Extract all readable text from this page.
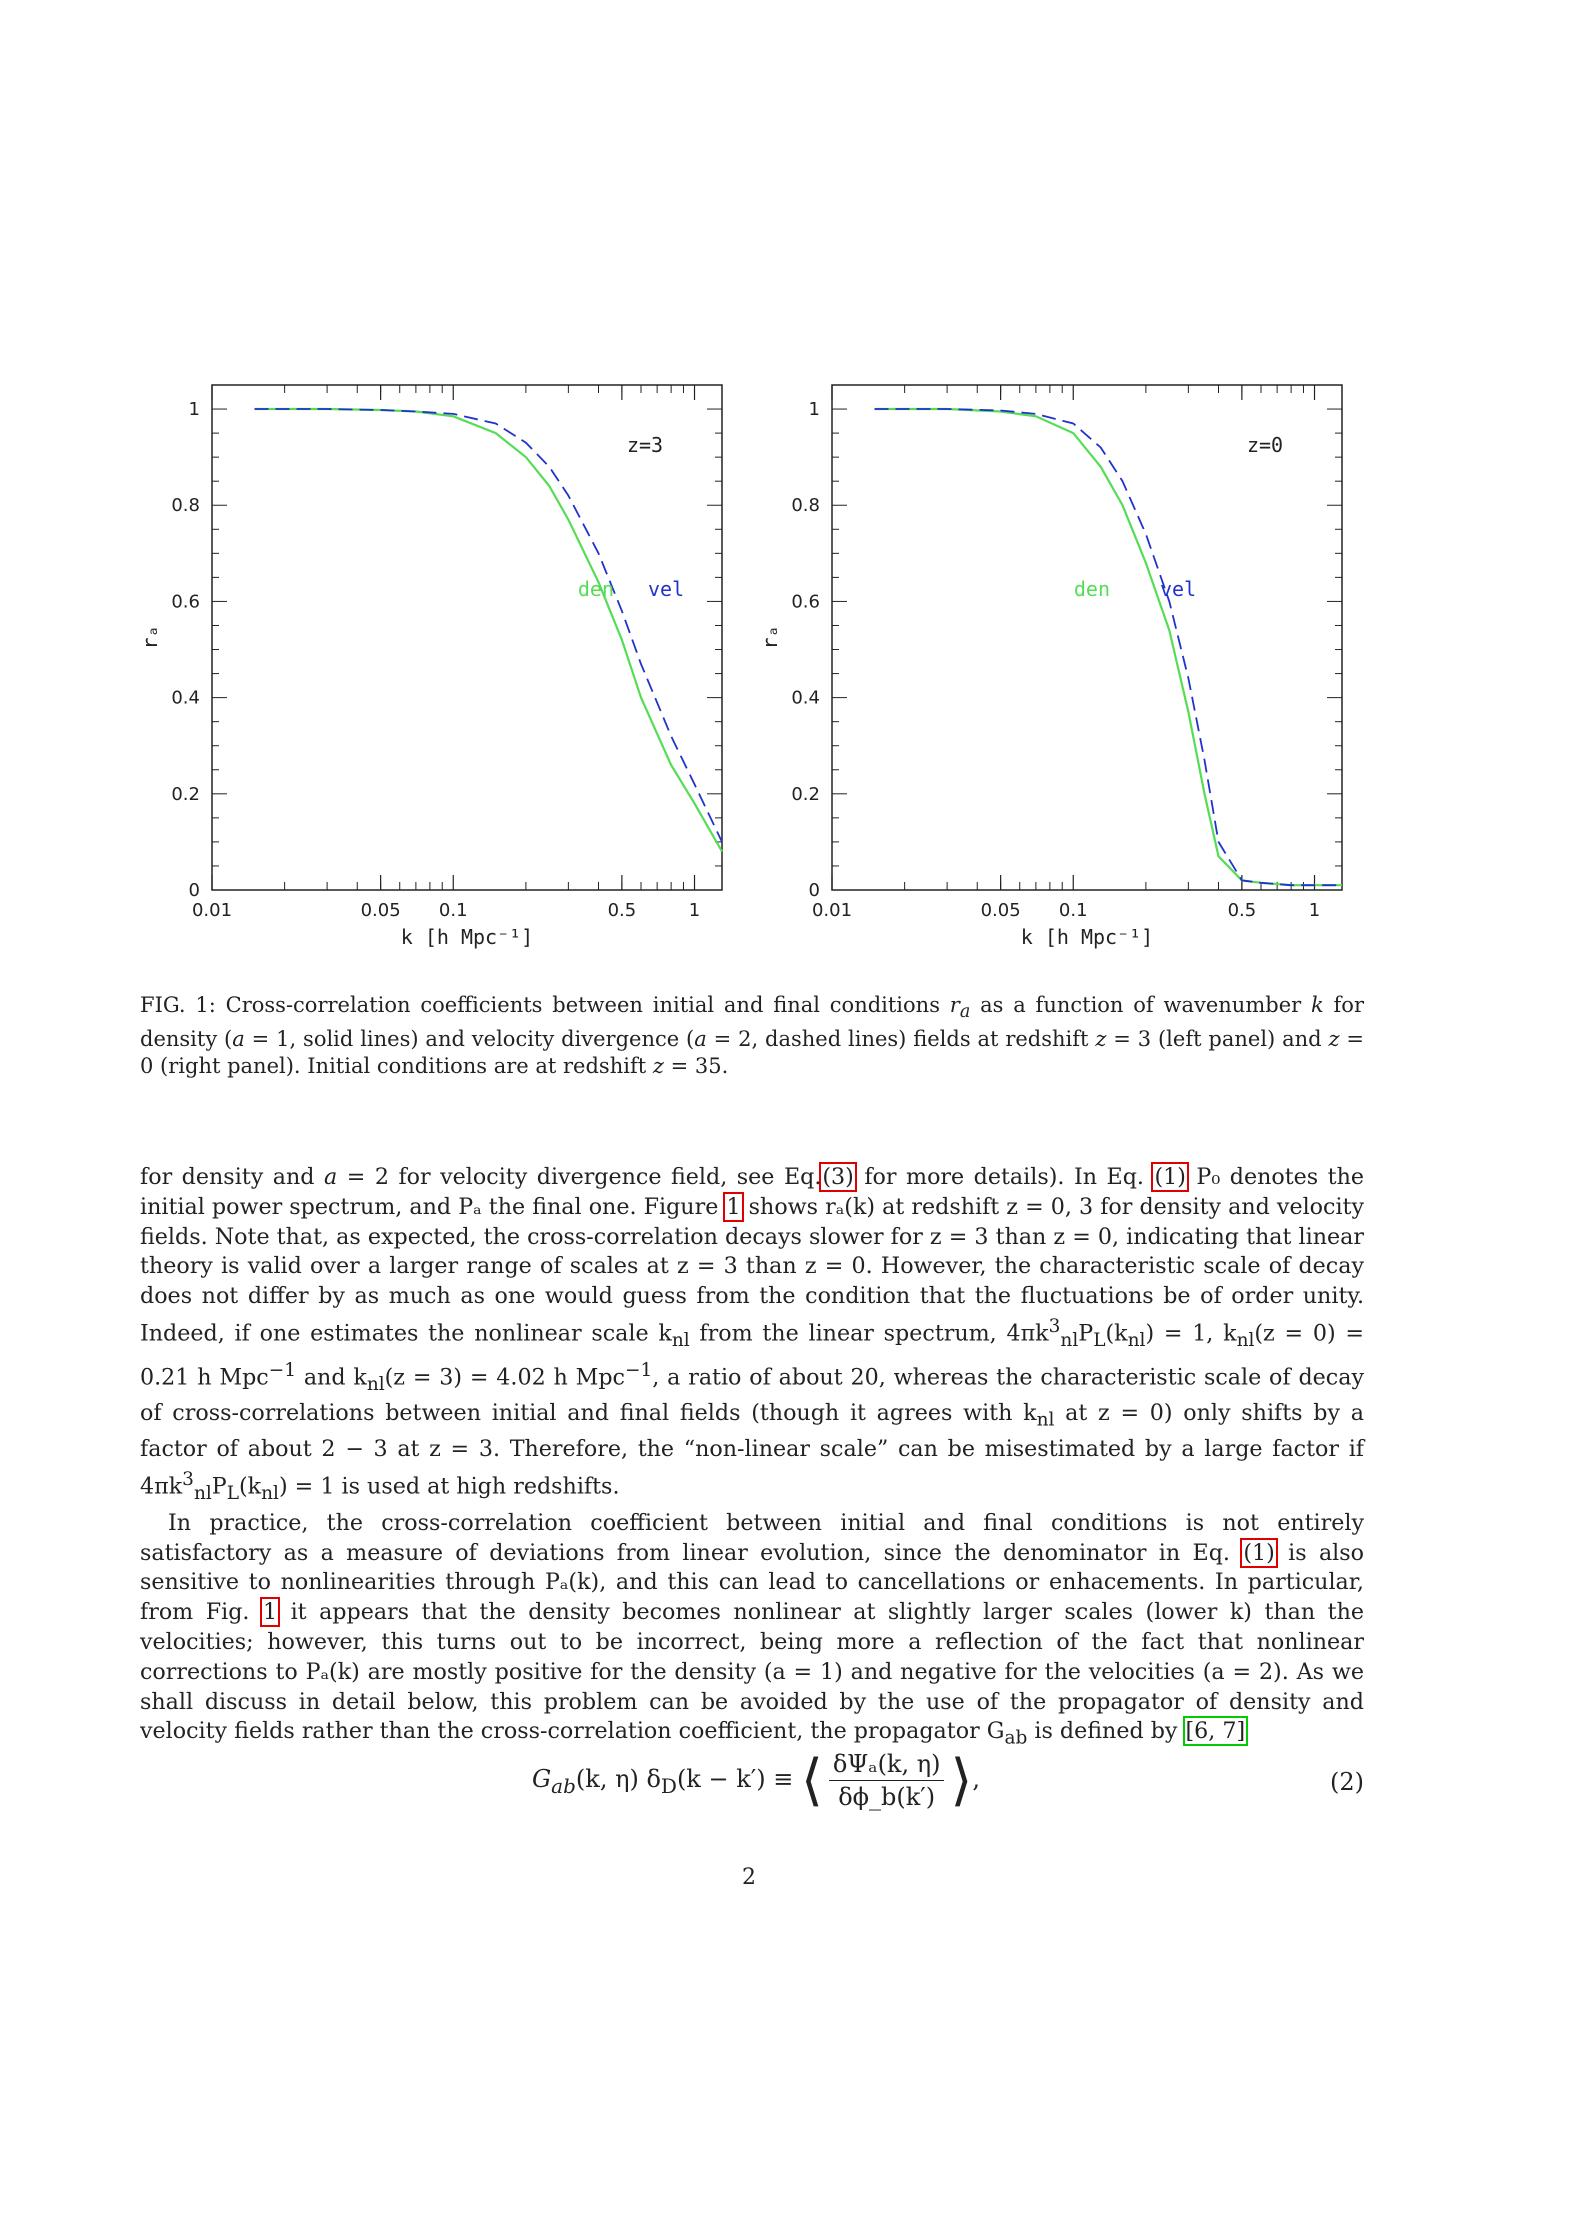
0.01	0.05 0.1	0.5	1
0
0.2
0.4
0.6
0.8
1
k [h Mpc⁻¹]
rₐ
z=3
den vel
0.01	0.05 0.1	0.5	1
0
0.2
0.4
0.6
0.8
1
k [h Mpc⁻¹]
rₐ
z=0
den	vel
FIG. 1: Cross-correlation coefficients between initial and final conditions $r_a$ as a function of wavenumber k for density (a = 1, solid lines) and velocity divergence (a = 2, dashed lines) fields at redshift z = 3 (left panel) and z = 0 (right panel). Initial conditions are at redshift z = 35.

for density and a = 2 for velocity divergence field, see Eq.(3) for more details). In Eq. (1) P₀ denotes the initial power spectrum, and Pₐ the final one. Figure 1 shows rₐ(k) at redshift z = 0, 3 for density and velocity fields. Note that, as expected, the cross-correlation decays slower for z = 3 than z = 0, indicating that linear theory is valid over a larger range of scales at z = 3 than z = 0. However, the characteristic scale of decay does not differ by as much as one would guess from the condition that the fluctuations be of order unity. Indeed, if one estimates the nonlinear scale $k_{nl}$ from the linear spectrum, $4\pi k^3_{nl}P_L(k_{nl}) = 1$, $k_{nl}(z = 0) = 0.21$ h Mpc$^{-1}$ and $k_{nl}(z = 3) = 4.02$ h Mpc$^{-1}$, a ratio of about 20, whereas the characteristic scale of decay of cross-correlations between initial and final fields (though it agrees with $k_{nl}$ at z = 0) only shifts by a factor of about 2 − 3 at z = 3. Therefore, the “non-linear scale” can be misestimated by a large factor if $4\pi k^3_{nl}P_L(k_{nl}) = 1$ is used at high redshifts.

In practice, the cross-correlation coefficient between initial and final conditions is not entirely satisfactory as a measure of deviations from linear evolution, since the denominator in Eq. (1) is also sensitive to nonlinearities through Pₐ(k), and this can lead to cancellations or enhacements. In particular, from Fig. 1 it appears that the density becomes nonlinear at slightly larger scales (lower k) than the velocities; however, this turns out to be incorrect, being more a reflection of the fact that nonlinear corrections to Pₐ(k) are mostly positive for the density (a = 1) and negative for the velocities (a = 2). As we shall discuss in detail below, this problem can be avoided by the use of the propagator of density and velocity fields rather than the cross-correlation coefficient, the propagator $G_{ab}$ is defined by [6, 7]

$G_{ab}(k$, η) $\delta_D(k - k')$ ≡ ⟨ $\frac{\text{δΨₐ(k, η)}}{\delta\phi\_b(k')}$ ⟩,	(2)
2
